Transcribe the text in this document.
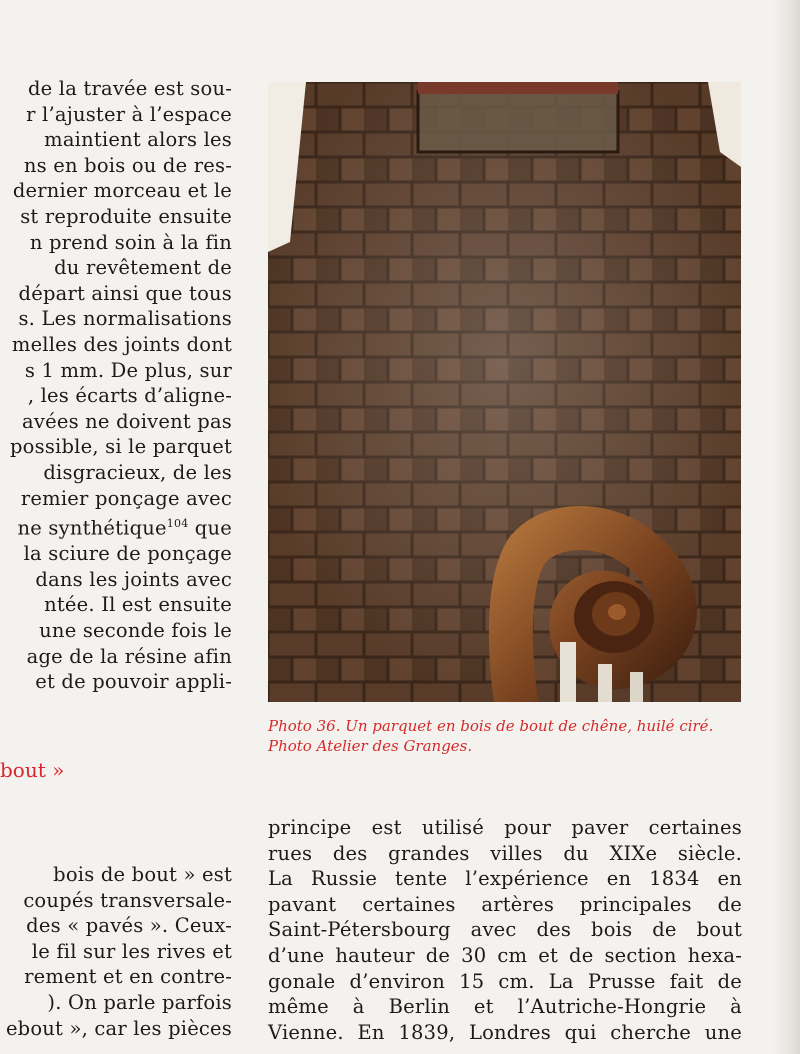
de la travée est sou-
r l’ajuster à l’espace
maintient alors les
ns en bois ou de res-
dernier morceau et le
st reproduite ensuite
n prend soin à la fin
du revêtement de
départ ainsi que tous
s. Les normalisations
melles des joints dont
s 1 mm. De plus, sur
, les écarts d’aligne-
avées ne doivent pas
possible, si le parquet
disgracieux, de les
remier ponçage avec
ne synthétique$^{104}$ que
la sciure de ponçage
dans les joints avec
ntée. Il est ensuite
une seconde fois le
age de la résine afin
et de pouvoir appli-
bout »
bois de bout » est
coupés transversale-
des « pavés ». Ceux-
le fil sur les rives et
rement et en contre-
). On parle parfois
ebout », car les pièces
Photo 36. Un parquet en bois de bout de chêne, huilé ciré.
Photo Atelier des Granges.
principe est utilisé pour paver certaines
rues des grandes villes du XIXe siècle.
La Russie tente l’expérience en 1834 en
pavant certaines artères principales de
Saint-Pétersbourg avec des bois de bout
d’une hauteur de 30 cm et de section hexa-
gonale d’environ 15 cm. La Prusse fait de
même à Berlin et l’Autriche-Hongrie à
Vienne. En 1839, Londres qui cherche une
